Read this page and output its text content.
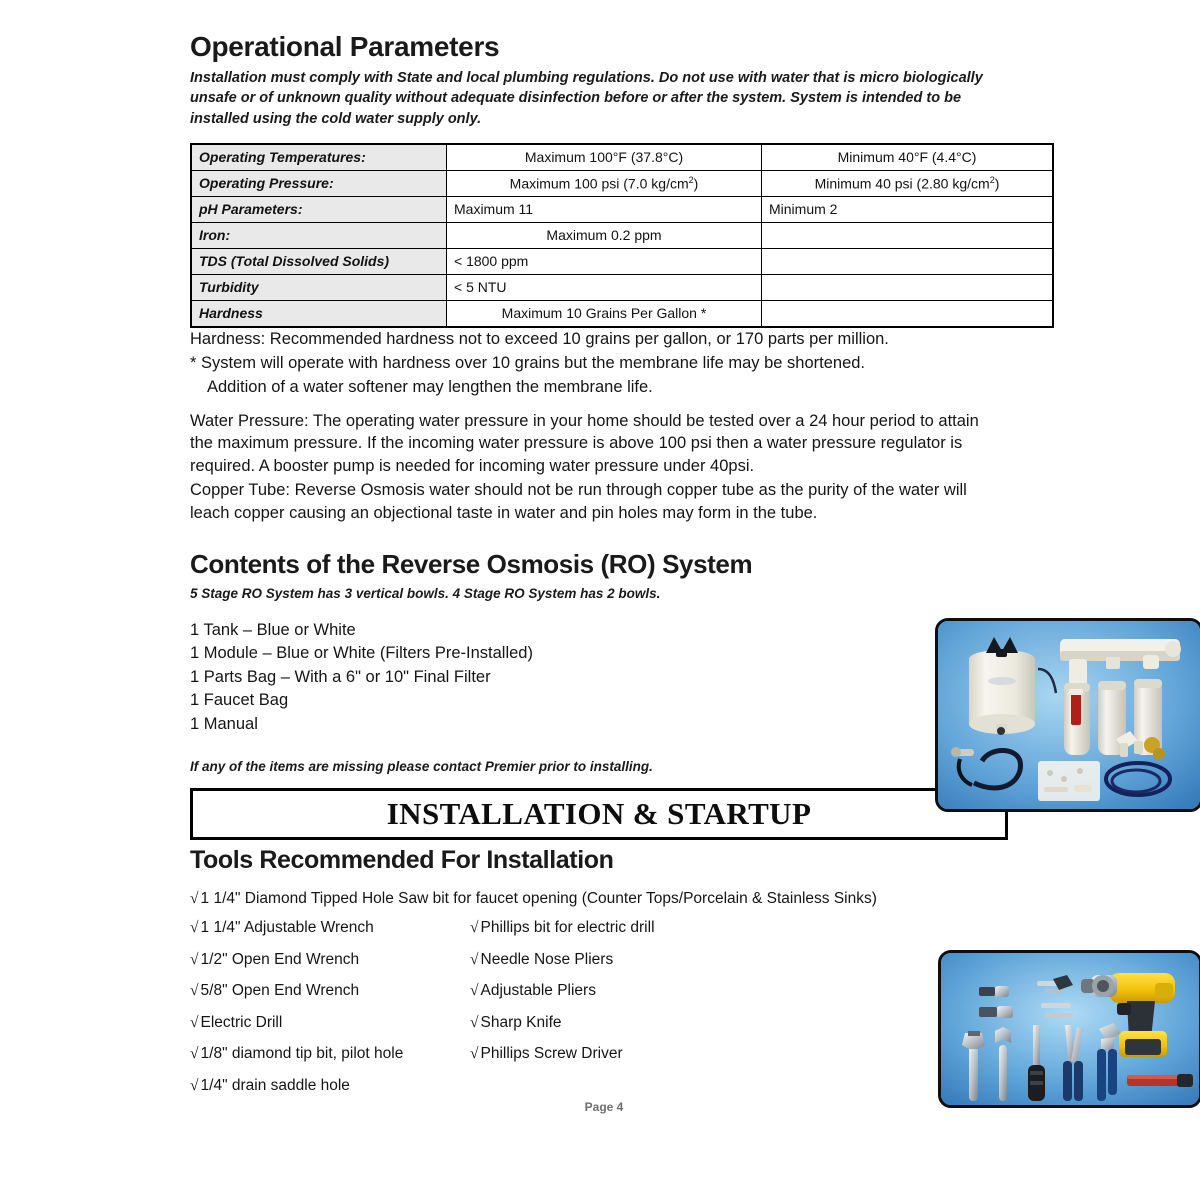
Operational Parameters

Installation must comply with State and local plumbing regulations. Do not use with water that is micro biologically unsafe or of unknown quality without adequate disinfection before or after the system. System is intended to be installed using the cold water supply only.

Operating Temperatures:	Maximum 100°F (37.8°C)	Minimum 40°F (4.4°C)
Operating Pressure:	Maximum 100 psi (7.0 $kg/cm^2$)	Minimum 40 psi (2.80 $kg/cm^2$)
pH Parameters:	Maximum 11	Minimum 2
Iron:	Maximum 0.2 ppm	
TDS (Total Dissolved Solids)	< 1800 ppm	
Turbidity	< 5 NTU	
Hardness	Maximum 10 Grains Per Gallon *	

Hardness: Recommended hardness not to exceed 10 grains per gallon, or 170 parts per million.

* System will operate with hardness over 10 grains but the membrane life may be shortened.

Addition of a water softener may lengthen the membrane life.

Water Pressure: The operating water pressure in your home should be tested over a 24 hour period to attain the maximum pressure. If the incoming water pressure is above 100 psi then a water pressure regulator is required. A booster pump is needed for incoming water pressure under 40psi.

Copper Tube: Reverse Osmosis water should not be run through copper tube as the purity of the water will leach copper causing an objectional taste in water and pin holes may form in the tube.

Contents of the Reverse Osmosis (RO) System

5 Stage RO System has 3 vertical bowls. 4 Stage RO System has 2 bowls.

1 Tank – Blue or White
1 Module – Blue or White (Filters Pre-Installed)
1 Parts Bag – With a 6" or 10" Final Filter
1 Faucet Bag
1 Manual

If any of the items are missing please contact Premier prior to installing.

INSTALLATION & STARTUP
Tools Recommended For Installation
√ 1 1/4" Diamond Tipped Hole Saw bit for faucet opening (Counter Tops/Porcelain & Stainless Sinks)
√ 1 1/4" Adjustable Wrench
√ 1/2" Open End Wrench
√ 5/8" Open End Wrench
√ Electric Drill
√ 1/8" diamond tip bit, pilot hole
√ 1/4" drain saddle hole
√ Phillips bit for electric drill
√ Needle Nose Pliers
√ Adjustable Pliers
√ Sharp Knife
√ Phillips Screw Driver
Page 4
